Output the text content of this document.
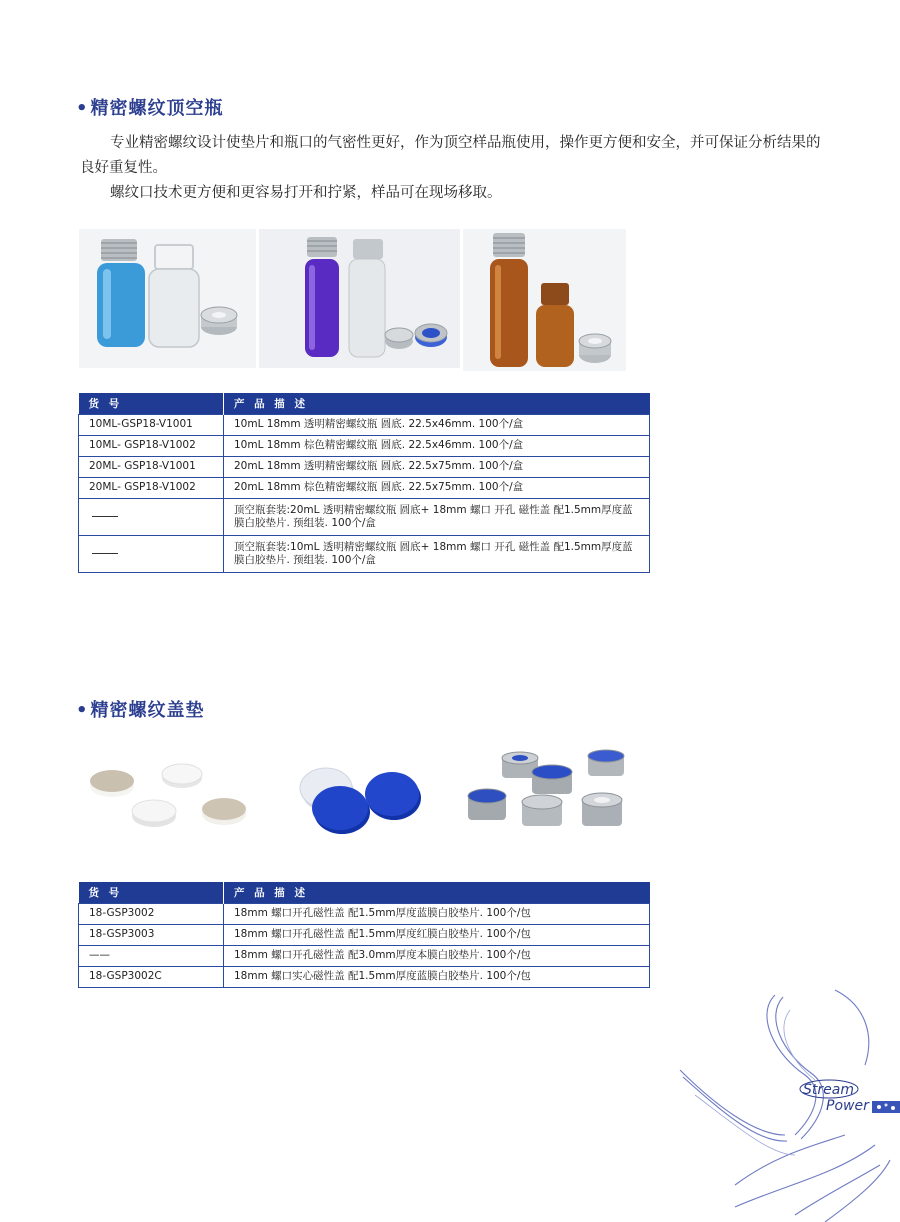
• 精密螺纹顶空瓶

专业精密螺纹设计使垫片和瓶口的气密性更好，作为顶空样品瓶使用，操作更方便和安全，并可保证分析结果的良好重复性。

螺纹口技术更方便和更容易打开和拧紧，样品可在现场移取。

货 号	产 品 描 述
10ML-GSP18-V1001	10mL 18mm 透明精密螺纹瓶 圆底. 22.5x46mm. 100个/盒
10ML- GSP18-V1002	10mL 18mm 棕色精密螺纹瓶 圆底. 22.5x46mm. 100个/盒
20ML- GSP18-V1001	20mL 18mm 透明精密螺纹瓶 圆底. 22.5x75mm. 100个/盒
20ML- GSP18-V1002	20mL 18mm 棕色精密螺纹瓶 圆底. 22.5x75mm. 100个/盒
	顶空瓶套装:20mL 透明精密螺纹瓶 圆底+ 18mm 螺口 开孔 磁性盖 配1.5mm厚度蓝膜白胶垫片. 预组装. 100个/盒
	顶空瓶套装:10mL 透明精密螺纹瓶 圆底+ 18mm 螺口 开孔 磁性盖 配1.5mm厚度蓝膜白胶垫片. 预组装. 100个/盒
• 精密螺纹盖垫
货 号	产 品 描 述
18-GSP3002	18mm 螺口开孔磁性盖 配1.5mm厚度蓝膜白胶垫片. 100个/包
18-GSP3003	18mm 螺口开孔磁性盖 配1.5mm厚度红膜白胶垫片. 100个/包
——	18mm 螺口开孔磁性盖 配3.0mm厚度本膜白胶垫片. 100个/包
18-GSP3002C	18mm 螺口实心磁性盖 配1.5mm厚度蓝膜白胶垫片. 100个/包
Stream
Power
